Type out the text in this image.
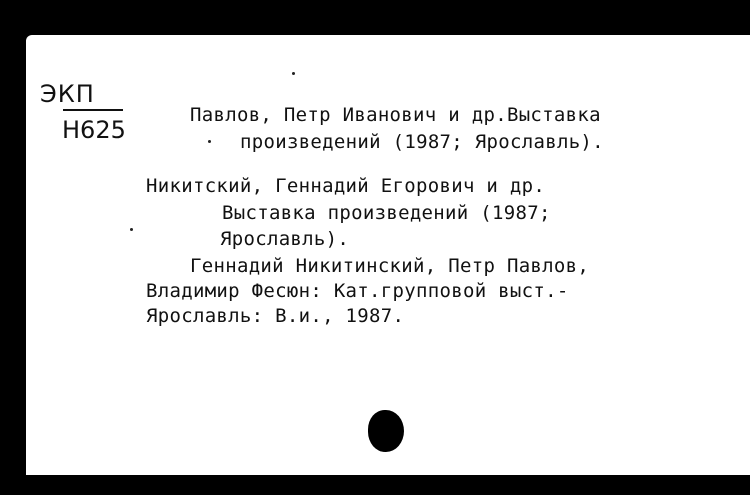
ЭКП
Н625
Павлов, Петр Иванович и др.Выставка
произведений (1987; Ярославль).
Никитский, Геннадий Егорович и др.
Выставка произведений (1987;
Ярославль).
Геннадий Никитинский, Петр Павлов,
Владимир Фесюн: Кат.групповой выст.-
Ярославль: В.и., 1987.
